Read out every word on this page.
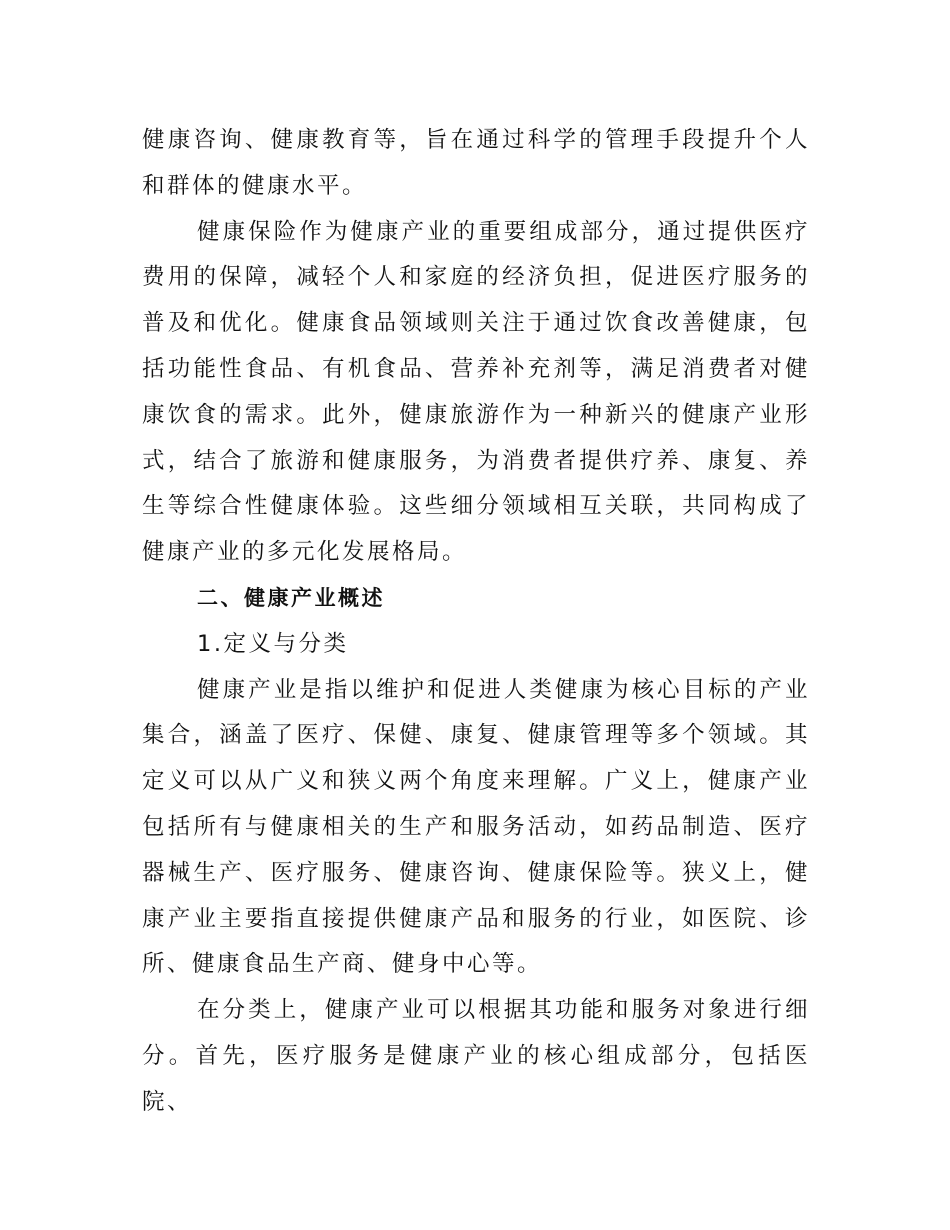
健康咨询、健康教育等，旨在通过科学的管理手段提升个人和群体的健康水平。

健康保险作为健康产业的重要组成部分，通过提供医疗费用的保障，减轻个人和家庭的经济负担，促进医疗服务的普及和优化。健康食品领域则关注于通过饮食改善健康，包括功能性食品、有机食品、营养补充剂等，满足消费者对健康饮食的需求。此外，健康旅游作为一种新兴的健康产业形式，结合了旅游和健康服务，为消费者提供疗养、康复、养生等综合性健康体验。这些细分领域相互关联，共同构成了健康产业的多元化发展格局。

二、健康产业概述

1.定义与分类

健康产业是指以维护和促进人类健康为核心目标的产业集合，涵盖了医疗、保健、康复、健康管理等多个领域。其定义可以从广义和狭义两个角度来理解。广义上，健康产业包括所有与健康相关的生产和服务活动，如药品制造、医疗器械生产、医疗服务、健康咨询、健康保险等。狭义上，健康产业主要指直接提供健康产品和服务的行业，如医院、诊所、健康食品生产商、健身中心等。

在分类上，健康产业可以根据其功能和服务对象进行细分。首先，医疗服务是健康产业的核心组成部分，包括医院、
